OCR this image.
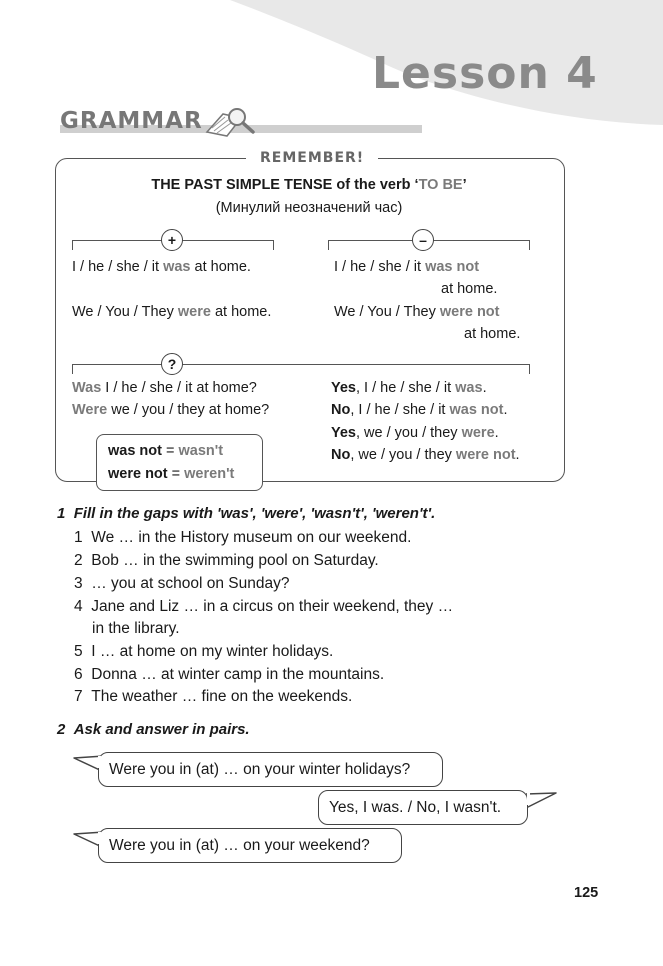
Lesson 4
GRAMMAR
REMEMBER!
THE PAST SIMPLE TENSE of the verb ‘TO BE’
(Минулий неозначений час)
+	–
I / he / she / it was at home.
We / You / They were at home.
I / he / she / it was not
at home.
We / You / They were not
at home.
?
Was I / he / she / it at home?
Were we / you / they at home?
Yes, I / he / she / it was.
No, I / he / she / it was not.
Yes, we / you / they were.
No, we / you / they were not.
was not = wasn't
were not = weren't
1 Fill in the gaps with 'was', 'were', 'wasn't', 'weren't'.
1 We … in the History museum on our weekend.
2 Bob … in the swimming pool on Saturday.
3 … you at school on Sunday?
4 Jane and Liz … in a circus on their weekend, they …
in the library.
5 I … at home on my winter holidays.
6 Donna … at winter camp in the mountains.
7 The weather … fine on the weekends.
2 Ask and answer in pairs.
Were you in (at) … on your winter holidays?
Yes, I was. / No, I wasn't.
Were you in (at) … on your weekend?
125
